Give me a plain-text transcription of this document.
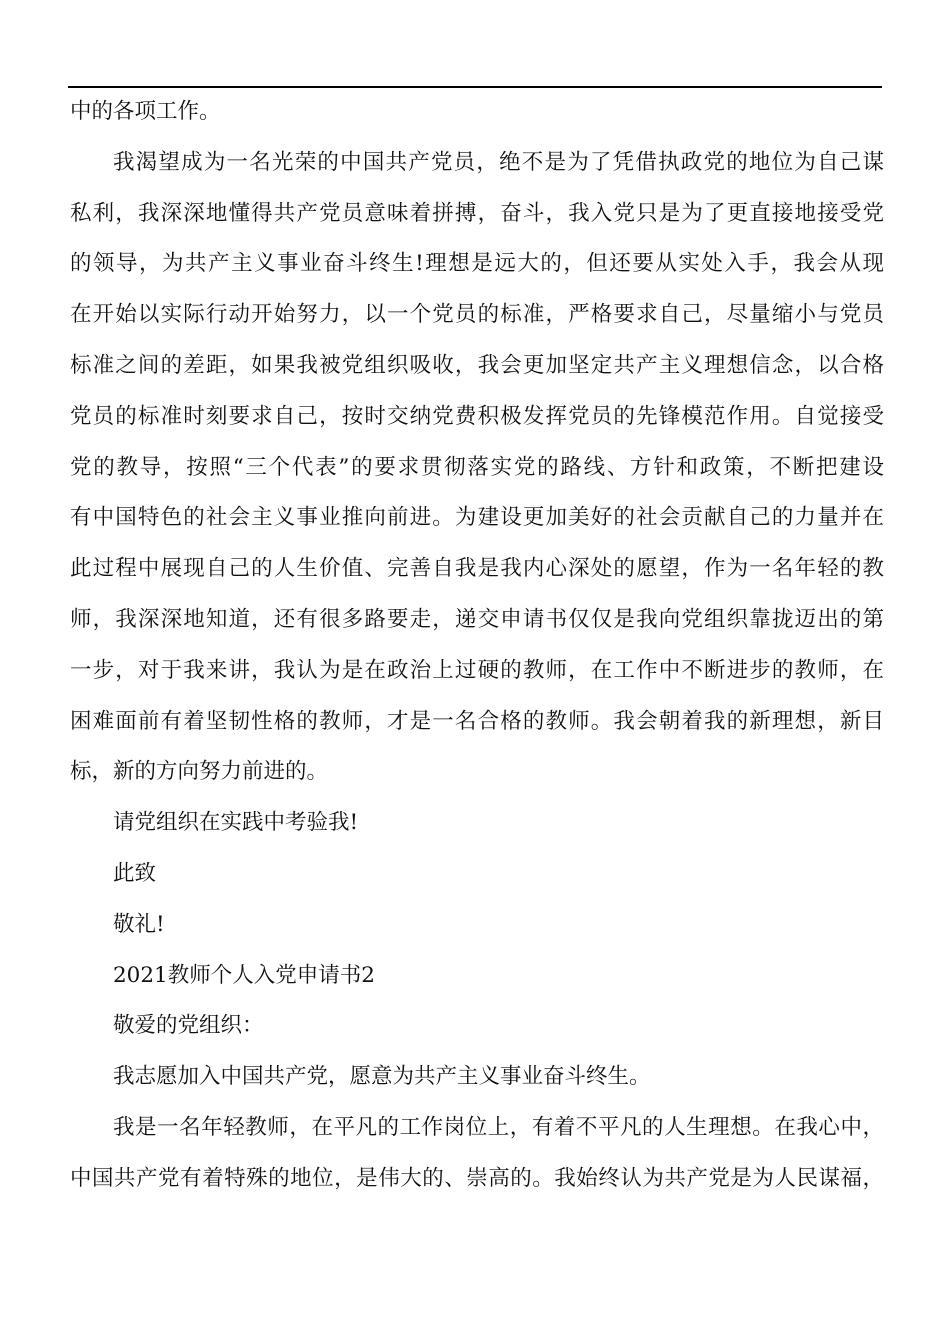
中的各项工作。
我渴望成为一名光荣的中国共产党员，绝不是为了凭借执政党的地位为自己谋
私利，我深深地懂得共产党员意味着拼搏，奋斗，我入党只是为了更直接地接受党
的领导，为共产主义事业奋斗终生!理想是远大的，但还要从实处入手，我会从现
在开始以实际行动开始努力，以一个党员的标准，严格要求自己，尽量缩小与党员
标准之间的差距，如果我被党组织吸收，我会更加坚定共产主义理想信念，以合格
党员的标准时刻要求自己，按时交纳党费积极发挥党员的先锋模范作用。自觉接受
党的教导，按照“三个代表”的要求贯彻落实党的路线、方针和政策，不断把建设
有中国特色的社会主义事业推向前进。为建设更加美好的社会贡献自己的力量并在
此过程中展现自己的人生价值、完善自我是我内心深处的愿望，作为一名年轻的教
师，我深深地知道，还有很多路要走，递交申请书仅仅是我向党组织靠拢迈出的第
一步，对于我来讲，我认为是在政治上过硬的教师，在工作中不断进步的教师，在
困难面前有着坚韧性格的教师，才是一名合格的教师。我会朝着我的新理想，新目
标，新的方向努力前进的。
请党组织在实践中考验我!
此致
敬礼!
2021教师个人入党申请书2
敬爱的党组织：
我志愿加入中国共产党，愿意为共产主义事业奋斗终生。
我是一名年轻教师，在平凡的工作岗位上，有着不平凡的人生理想。在我心中，
中国共产党有着特殊的地位，是伟大的、崇高的。我始终认为共产党是为人民谋福，
